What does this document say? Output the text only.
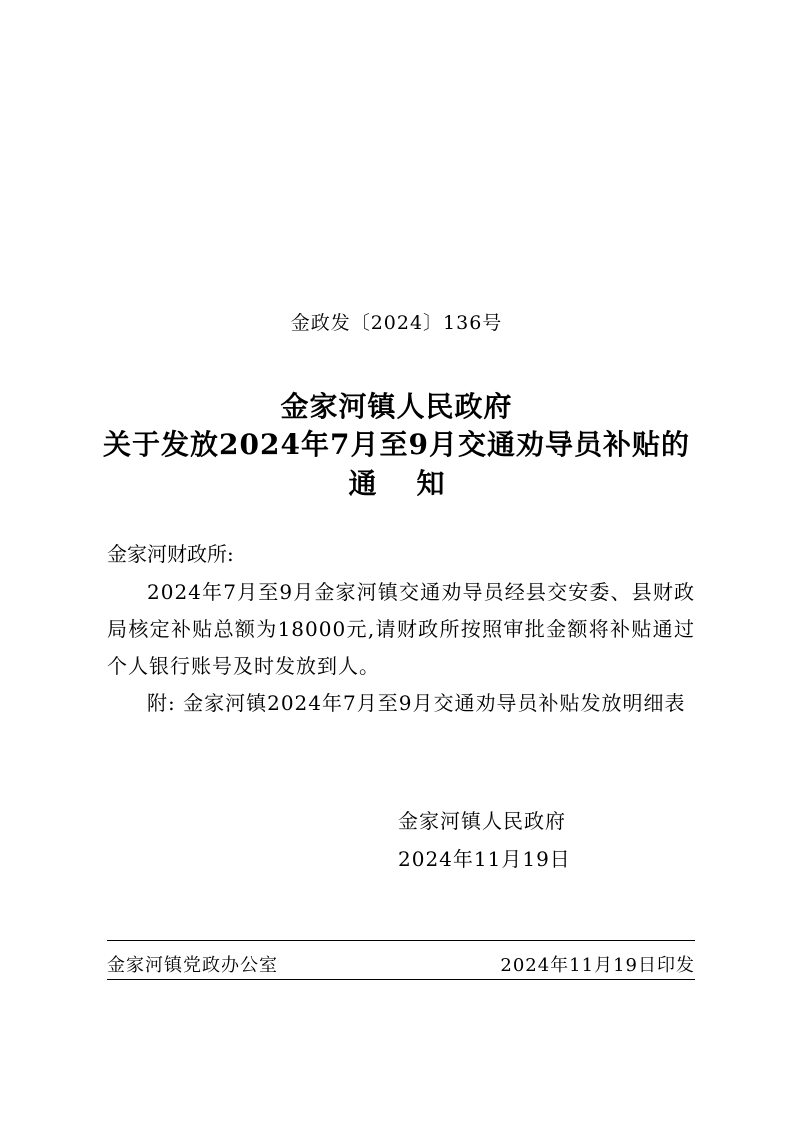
金政发〔2024〕136号
金家河镇人民政府
关于发放2024年7月至9月交通劝导员补贴的
通知
金家河财政所:
2024年7月至9月金家河镇交通劝导员经县交安委、县财政局核定补贴总额为18000元,请财政所按照审批金额将补贴通过个人银行账号及时发放到人。
附: 金家河镇2024年7月至9月交通劝导员补贴发放明细表
金家河镇人民政府
2024年11月19日
金家河镇党政办公室	2024年11月19日印发
